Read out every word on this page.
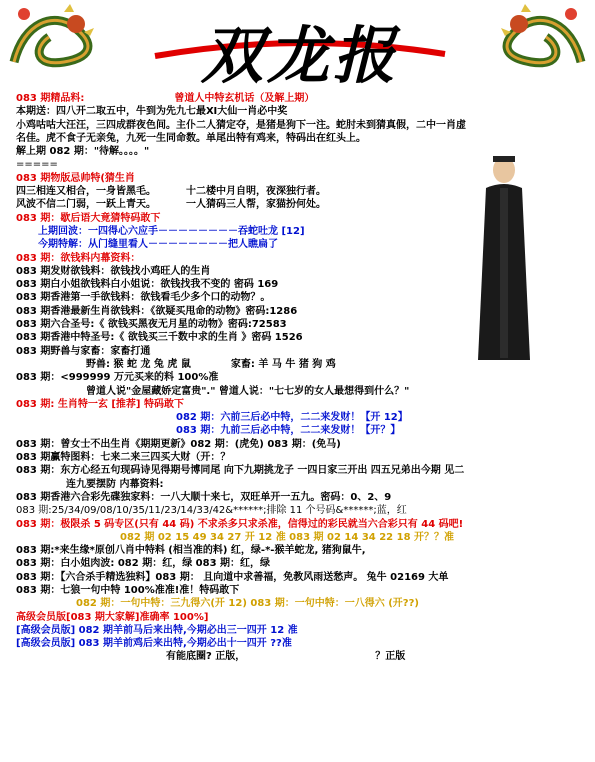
双龙报
083 期精品料:	曾道人中特玄机话（及解上期）
本期送：四八开二取五中，牛到为先九七最Ⅺ大仙一肖必中奖
小鸡咕咕大汪汪，三四成群夜色间。主仆二人猜定夺，是猪是狗下一注。蛇肘未到猜真假，二中一肖虚
名佳。虎不食子无亲兔，九死一生同命数。单尾出特有鸡来，特码出在红头上。
解上期 082 期："待解。。。。"
=====
083 期物版忌帅特(猜生肖
四三相连又相合，一身皆黑毛。	十二楼中月自明，夜深独行者。
风波不信二门弱，一跃上青天。	一人猜码三人帮，家猫扮何处。
083 期：歇后语大竟猜特码敢下
上期回波：一四得心六应手－－－－－－－－吞蛇吐龙 [12]
今期特解：从门缝里看人－－－－－－－－把人瞧扁了
083 期：欲钱料内幕资料：
083 期发财欲钱料：欲钱找小鸡旺人的生肖
083 期白小姐欲钱料白小姐说：欲钱找我不变的 密码 169
083 期香港第一手欲钱料：欲钱看毛少多个口的动物？。
083 期香港最新生肖欲钱料：《欲疑买甩命的动物》密码:1286
083 期六合圣号:《 欲钱买黑夜无月星的动物》密码:72583
083 期香港中特圣号:《 欲钱买三千数中求的生肖 》密码 1526
083 期野兽与家畜：家畜打通
野兽: 猴 蛇 龙 兔 虎 鼠	家畜: 羊 马 牛 猪 狗 鸡
083 期：<999999 万元买来的料 100%准
曾道人说"金屋藏娇定富贵"." 曾道人说："七七岁的女人最想得到什么？"
083 期: 生肖特一玄 [推荐] 特码敢下
082 期：六前三后必中特，二二来发财！【开 12】
083 期：九前三后必中特，二二来发财！【开？】
083 期：曾女士不出生肖《期期更新》082 期：(虎免) 083 期：(免马)
083 期赢特图料：七来二来三四买大财（开：？
083 期：东方心经五句现码诗见得期号博同尾 向下九期挑龙子 一四日家三开出 四五兄弟出今期 见二
连九要摆防 内幕资料:
083 期香港六合彩先碟独家料：一八大顺十来七，双旺单开一五九。密码：0、2、9
083 期:25/34/09/08/10/35/11/23/14/33/42&******;排除 11 个号码&******;蓝，红
083 期：极限杀 5 码专区(只有 44 码) 不求杀多只求杀准，信得过的彩民就当六合彩只有 44 码吧!
082 期 02 15 49 34 27 开 12 准 083 期 02 14 34 22 18 开？？准
083 期:*来生缘*原创八肖中特料 (相当准的料) 红，绿-*-猴羊蛇龙, 猪狗鼠牛,
083 期：白小姐肉波: 082 期：红，绿 083 期：红，绿
083 期：【六合杀手精选独料】083 期： 且向道中求善福，免教风雨送愁声。 兔牛 02169 大单
083 期：七狼一句中特 100%准准!准！特码敢下
082 期：一句中特：三九得六(开 12) 083 期：一句中特：一八得六 (开??)
高级会员版[083 期大家解]准确率 100%]
[高级会员版] 082 期羊前马后来出特,今期必出三一四开 12 准
[高级会员版] 083 期羊前鸡后来出特,今期必出十一四开 ??准
有能底圈? 正版，	？正版
